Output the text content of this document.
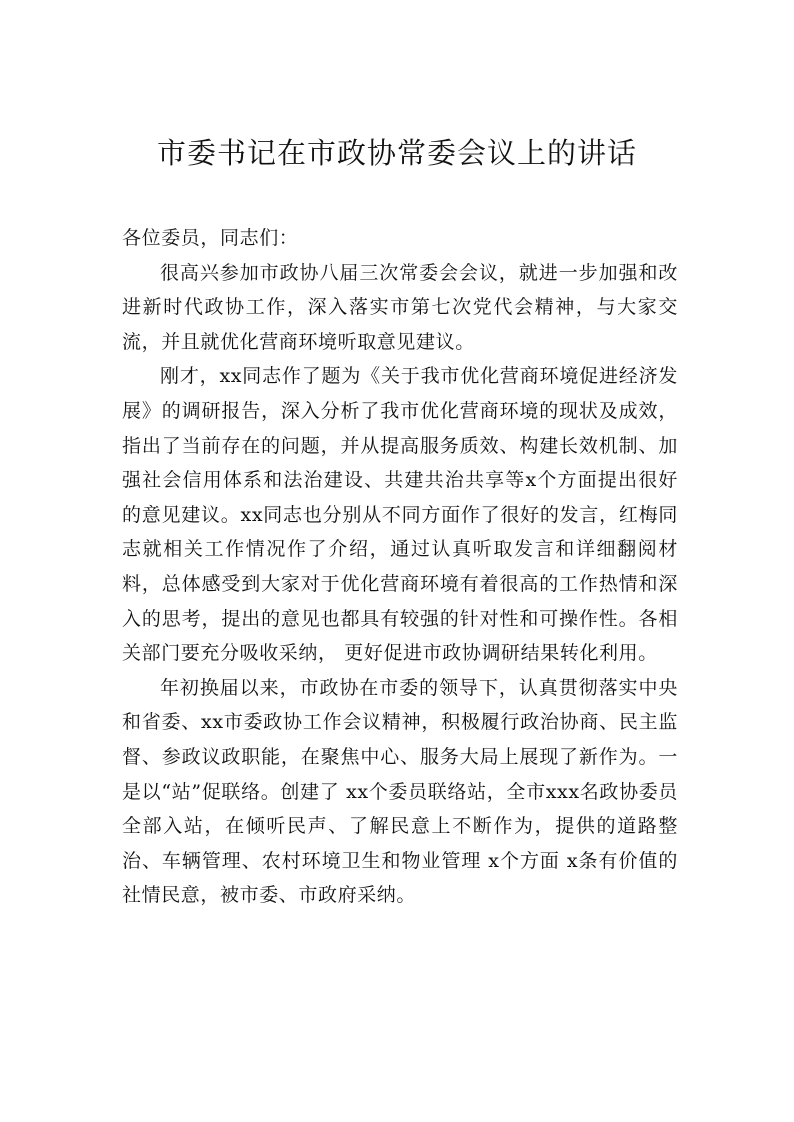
市委书记在市政协常委会议上的讲话

各位委员，同志们：

很高兴参加市政协八届三次常委会会议，就进一步加强和改进新时代政协工作，深入落实市第七次党代会精神，与大家交流，并且就优化营商环境听取意见建议。

刚才，xx同志作了题为《关于我市优化营商环境促进经济发展》的调研报告，深入分析了我市优化营商环境的现状及成效，指出了当前存在的问题，并从提高服务质效、构建长效机制、加强社会信用体系和法治建设、共建共治共享等x个方面提出很好的意见建议。xx同志也分别从不同方面作了很好的发言，红梅同志就相关工作情况作了介绍，通过认真听取发言和详细翻阅材料，总体感受到大家对于优化营商环境有着很高的工作热情和深入的思考，提出的意见也都具有较强的针对性和可操作性。各相关部门要充分吸收采纳， 更好促进市政协调研结果转化利用。

年初换届以来，市政协在市委的领导下，认真贯彻落实中央和省委、xx市委政协工作会议精神，积极履行政治协商、民主监督、参政议政职能，在聚焦中心、服务大局上展现了新作为。一是以“站”促联络。创建了 xx个委员联络站，全市xxx名政协委员全部入站，在倾听民声、了解民意上不断作为，提供的道路整治、车辆管理、农村环境卫生和物业管理 x个方面 x条有价值的社情民意，被市委、市政府采纳。
